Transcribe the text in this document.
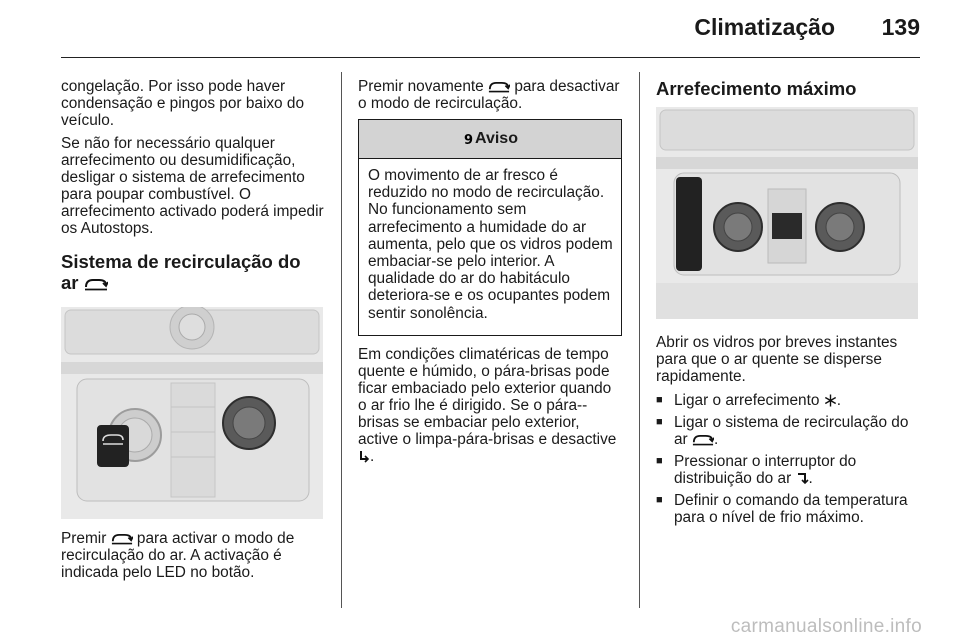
Climatização 139

congelação. Por isso pode haver condensação e pingos por baixo do veículo.

Se não for necessário qualquer arrefecimento ou desumidificação, desligar o sistema de arrefecimento para poupar combustível. O arrefecimento activado poderá impedir os Autostops.

Sistema de recirculação do
ar
Premir para activar o modo de recirculação do ar. A activação é indicada pelo LED no botão.
Premir novamente para desactivar o modo de recirculação.
9 Aviso
O movimento de ar fresco é reduzido no modo de recirculação. No funcionamento sem arrefecimento a humidade do ar aumenta, pelo que os vidros podem embaciar-se pelo interior. A qualidade do ar do habitáculo deteriora-se e os ocupantes podem sentir sonolência.
Em condições climatéricas de tempo quente e húmido, o pára-brisas pode ficar embaciado pelo exterior quando o ar frio lhe é dirigido. Se o pára--brisas se embaciar pelo exterior, active o limpa-pára-brisas e desactive .
Arrefecimento máximo

Abrir os vidros por breves instantes para que o ar quente se disperse rapidamente.

■ Ligar o arrefecimento .
■ Ligar o sistema de recirculação do ar .
■ Pressionar o interruptor do distribuição do ar .
■ Definir o comando da temperatura para o nível de frio máximo.
carmanualsonline.info
